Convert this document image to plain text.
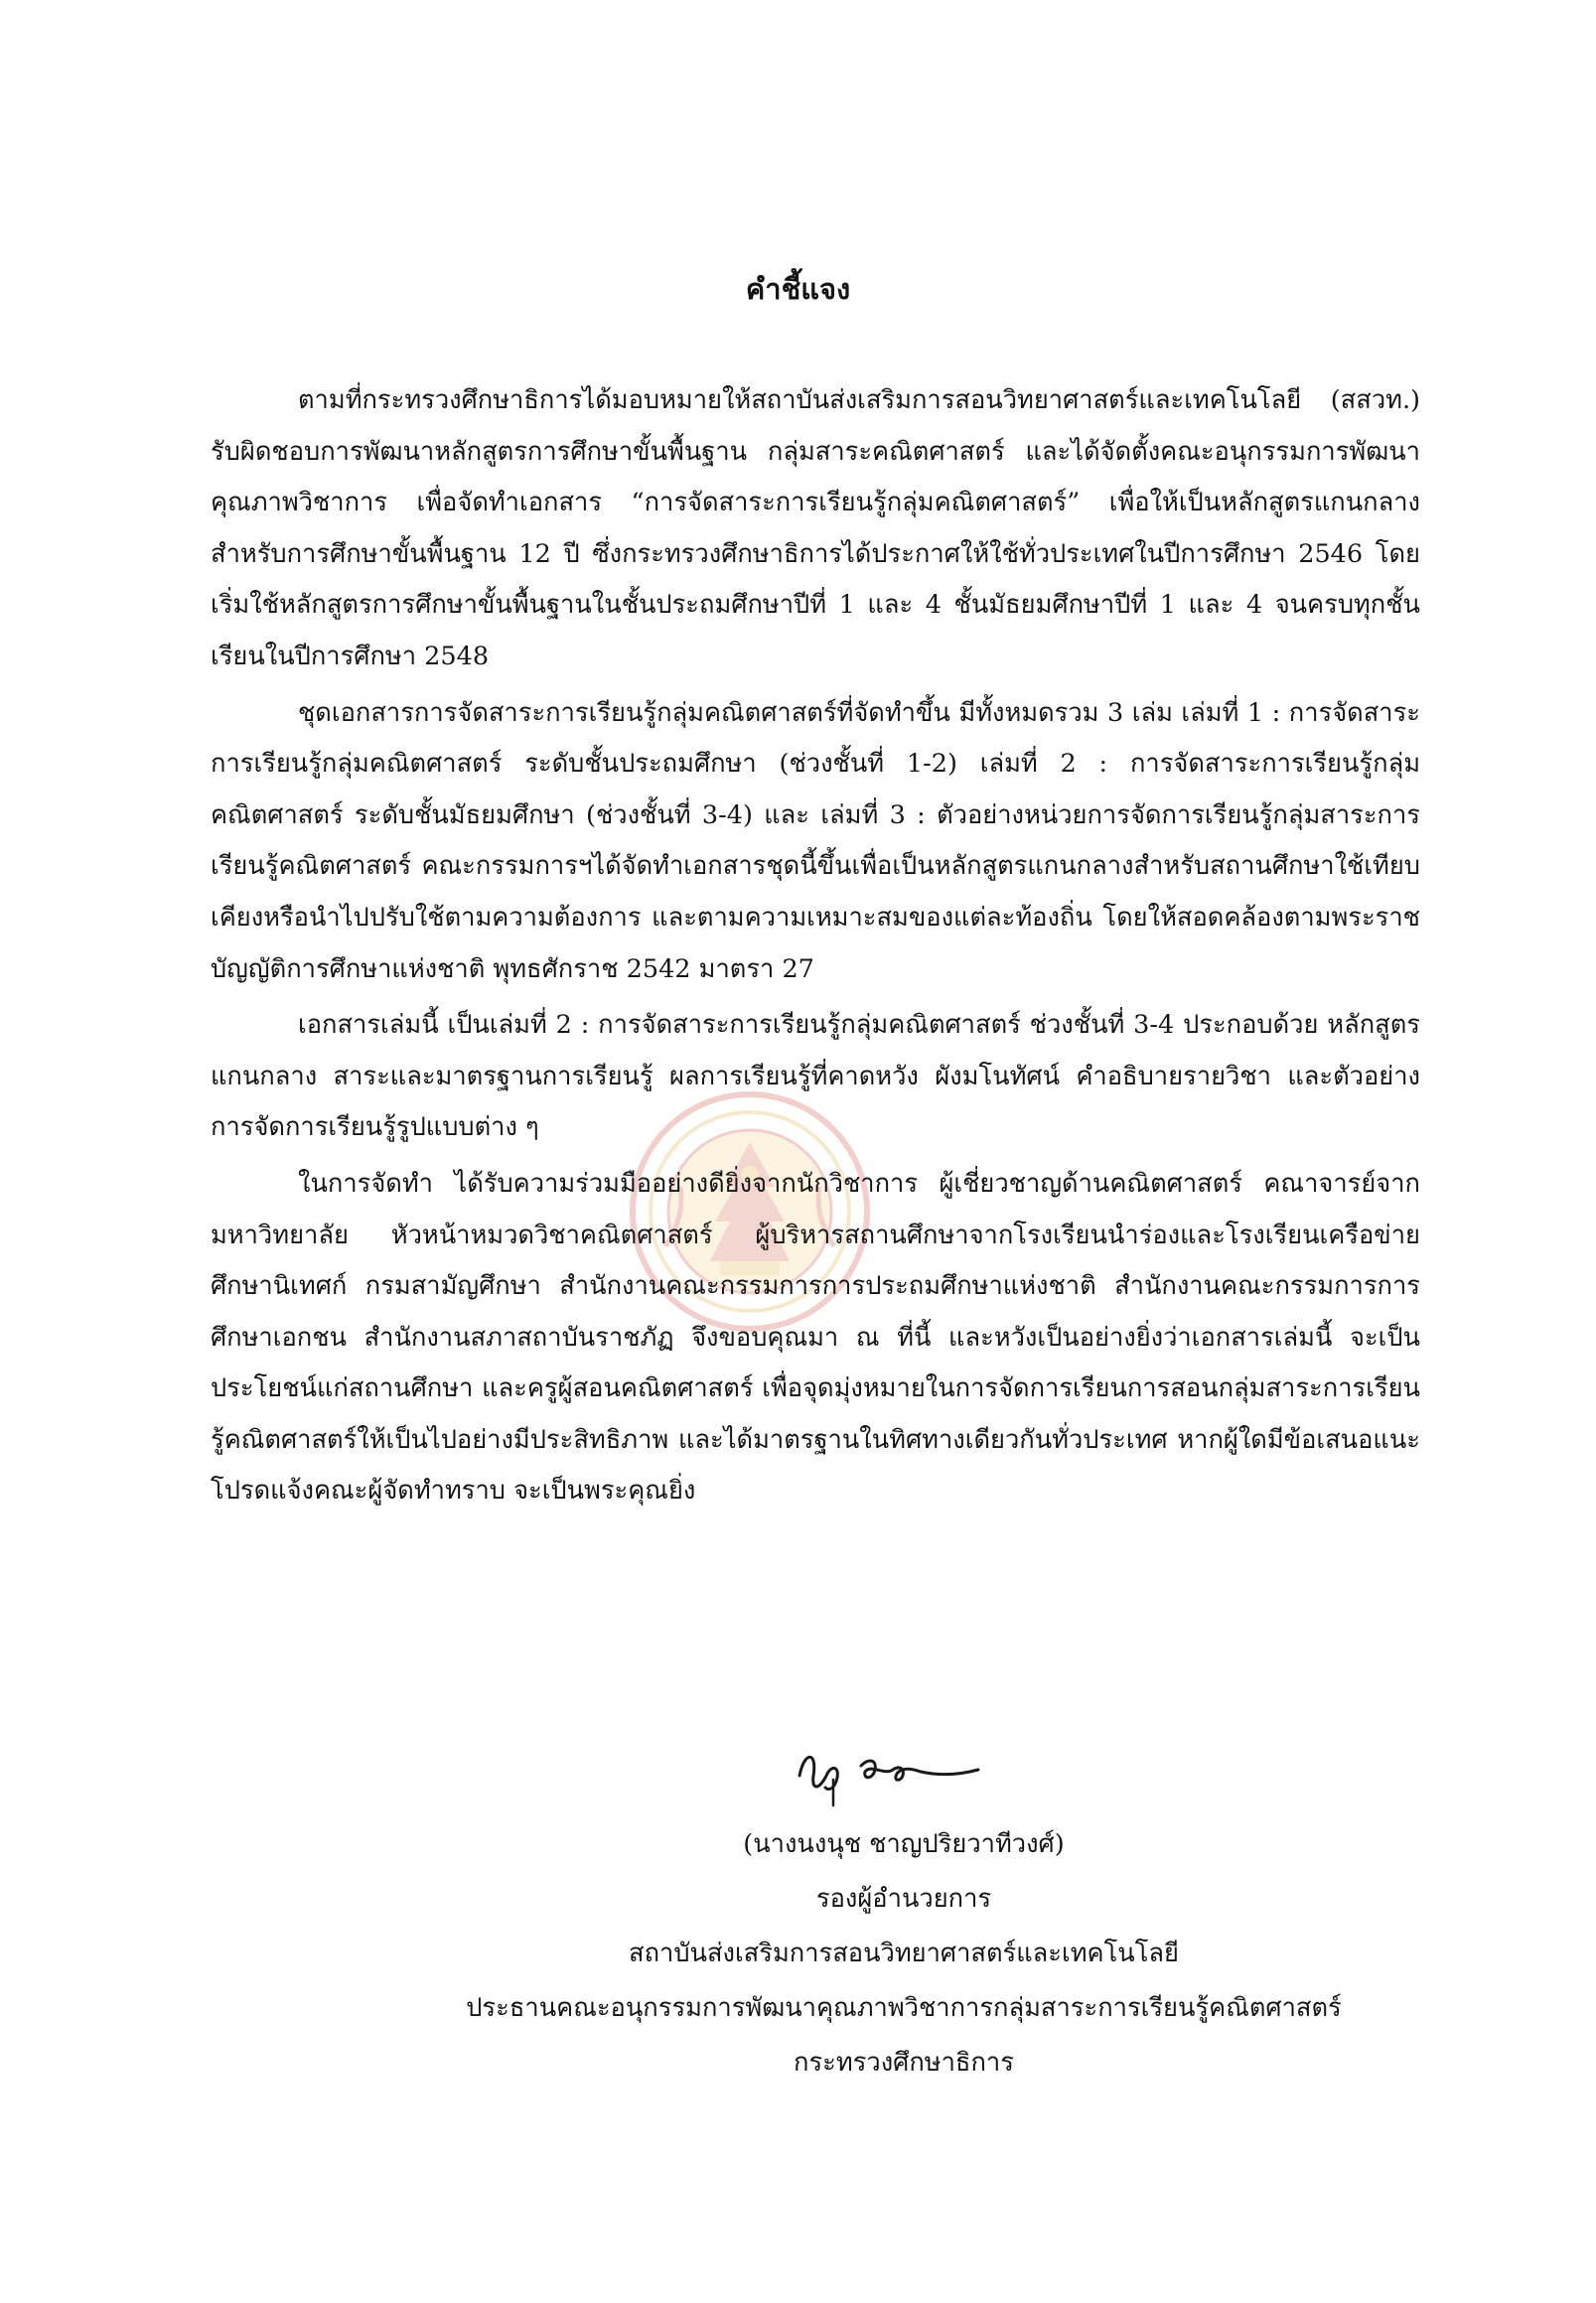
คำชี้แจง

ตามที่กระทรวงศึกษาธิการได้มอบหมายให้สถาบันส่งเสริมการสอนวิทยาศาสตร์และเทคโนโลยี (สสวท.) รับผิดชอบการพัฒนาหลักสูตรการศึกษาขั้นพื้นฐาน กลุ่มสาระคณิตศาสตร์ และได้จัดตั้งคณะอนุกรรมการพัฒนาคุณภาพวิชาการ เพื่อจัดทำเอกสาร “การจัดสาระการเรียนรู้กลุ่มคณิตศาสตร์” เพื่อให้เป็นหลักสูตรแกนกลางสำหรับการศึกษาขั้นพื้นฐาน 12 ปี ซึ่งกระทรวงศึกษาธิการได้ประกาศให้ใช้ทั่วประเทศในปีการศึกษา 2546 โดยเริ่มใช้หลักสูตรการศึกษาขั้นพื้นฐานในชั้นประถมศึกษาปีที่ 1 และ 4 ชั้นมัธยมศึกษาปีที่ 1 และ 4 จนครบทุกชั้นเรียนในปีการศึกษา 2548

ชุดเอกสารการจัดสาระการเรียนรู้กลุ่มคณิตศาสตร์ที่จัดทำขึ้น มีทั้งหมดรวม 3 เล่ม เล่มที่ 1 : การจัดสาระการเรียนรู้กลุ่มคณิตศาสตร์ ระดับชั้นประถมศึกษา (ช่วงชั้นที่ 1-2) เล่มที่ 2 : การจัดสาระการเรียนรู้กลุ่มคณิตศาสตร์ ระดับชั้นมัธยมศึกษา (ช่วงชั้นที่ 3-4) และ เล่มที่ 3 : ตัวอย่างหน่วยการจัดการเรียนรู้กลุ่มสาระการเรียนรู้คณิตศาสตร์ คณะกรรมการฯได้จัดทำเอกสารชุดนี้ขึ้นเพื่อเป็นหลักสูตรแกนกลางสำหรับสถานศึกษาใช้เทียบเคียงหรือนำไปปรับใช้ตามความต้องการ และตามความเหมาะสมของแต่ละท้องถิ่น โดยให้สอดคล้องตามพระราชบัญญัติการศึกษาแห่งชาติ พุทธศักราช 2542 มาตรา 27

เอกสารเล่มนี้ เป็นเล่มที่ 2 : การจัดสาระการเรียนรู้กลุ่มคณิตศาสตร์ ช่วงชั้นที่ 3-4 ประกอบด้วย หลักสูตรแกนกลาง สาระและมาตรฐานการเรียนรู้ ผลการเรียนรู้ที่คาดหวัง ผังมโนทัศน์ คำอธิบายรายวิชา และตัวอย่างการจัดการเรียนรู้รูปแบบต่าง ๆ

ในการจัดทำ ได้รับความร่วมมืออย่างดียิ่งจากนักวิชาการ ผู้เชี่ยวชาญด้านคณิตศาสตร์ คณาจารย์จากมหาวิทยาลัย หัวหน้าหมวดวิชาคณิตศาสตร์ ผู้บริหารสถานศึกษาจากโรงเรียนนำร่องและโรงเรียนเครือข่าย ศึกษานิเทศก์ กรมสามัญศึกษา สำนักงานคณะกรรมการการประถมศึกษาแห่งชาติ สำนักงานคณะกรรมการการศึกษาเอกชน สำนักงานสภาสถาบันราชภัฏ จึงขอบคุณมา ณ ที่นี้ และหวังเป็นอย่างยิ่งว่าเอกสารเล่มนี้ จะเป็นประโยชน์แก่สถานศึกษา และครูผู้สอนคณิตศาสตร์ เพื่อจุดมุ่งหมายในการจัดการเรียนการสอนกลุ่มสาระการเรียนรู้คณิตศาสตร์ให้เป็นไปอย่างมีประสิทธิภาพ และได้มาตรฐานในทิศทางเดียวกันทั่วประเทศ หากผู้ใดมีข้อเสนอแนะ โปรดแจ้งคณะผู้จัดทำทราบ จะเป็นพระคุณยิ่ง

(นางนงนุช ชาญปริยวาทีวงศ์)
รองผู้อำนวยการ
สถาบันส่งเสริมการสอนวิทยาศาสตร์และเทคโนโลยี
ประธานคณะอนุกรรมการพัฒนาคุณภาพวิชาการกลุ่มสาระการเรียนรู้คณิตศาสตร์
กระทรวงศึกษาธิการ
